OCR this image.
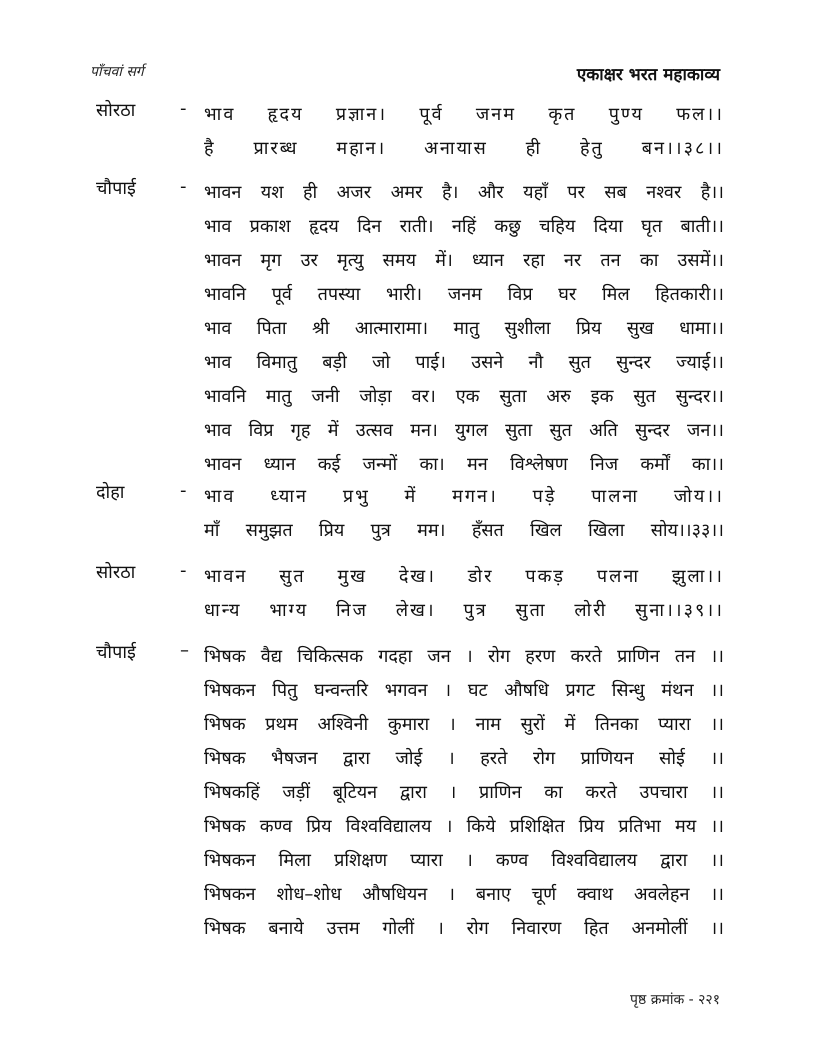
पाँचवां सर्ग	एकाक्षर भरत महाकाव्य
सोरठा	- भाव हृदय प्रज्ञान। पूर्व जनम कृत पुण्य फल।।
है प्रारब्ध महान। अनायास ही हेतु बन।।३८।।
चौपाई	- भावन यश ही अजर अमर है। और यहाँ पर सब नश्वर है।।
भाव प्रकाश हृदय दिन राती। नहिं कछु चहिय दिया घृत बाती।।
भावन मृग उर मृत्यु समय में। ध्यान रहा नर तन का उसमें।।
भावनि पूर्व तपस्या भारी। जनम विप्र घर मिल हितकारी।।
भाव पिता श्री आत्मारामा। मातु सुशीला प्रिय सुख धामा।।
भाव विमातु बड़ी जो पाई। उसने नौ सुत सुन्दर ज्याई।।
भावनि मातु जनी जोड़ा वर। एक सुता अरु इक सुत सुन्दर।।
भाव विप्र गृह में उत्सव मन। युगल सुता सुत अति सुन्दर जन।।
भावन ध्यान कई जन्मों का। मन विश्लेषण निज कर्मों का।।
दोहा	- भाव ध्यान प्रभु में मगन। पड़े पालना जोय।।
माँ समुझत प्रिय पुत्र मम। हँसत खिल खिला सोय।।३३।।
सोरठा	- भावन सुत मुख देख। डोर पकड़ पलना झुला।।
धान्य भाग्य निज लेख। पुत्र सुता लोरी सुना।।३९।।
चौपाई	– भिषक वैद्य चिकित्सक गदहा जन । रोग हरण करते प्राणिन तन ।।
भिषकन पितु घन्वन्तरि भगवन । घट औषधि प्रगट सिन्धु मंथन ।।
भिषक प्रथम अश्विनी कुमारा । नाम सुरों में तिनका प्यारा ।।
भिषक भैषजन द्वारा जोई । हरते रोग प्राणियन सोई ।।
भिषकहिं जड़ीं बूटियन द्वारा । प्राणिन का करते उपचारा ।।
भिषक कण्व प्रिय विश्वविद्यालय । किये प्रशिक्षित प्रिय प्रतिभा मय ।।
भिषकन मिला प्रशिक्षण प्यारा । कण्व विश्वविद्यालय द्वारा ।।
भिषकन शोध–शोध औषधियन । बनाए चूर्ण क्वाथ अवलेहन ।।
भिषक बनाये उत्तम गोलीं । रोग निवारण हित अनमोलीं ।।
पृष्ठ क्रमांक - २२१
